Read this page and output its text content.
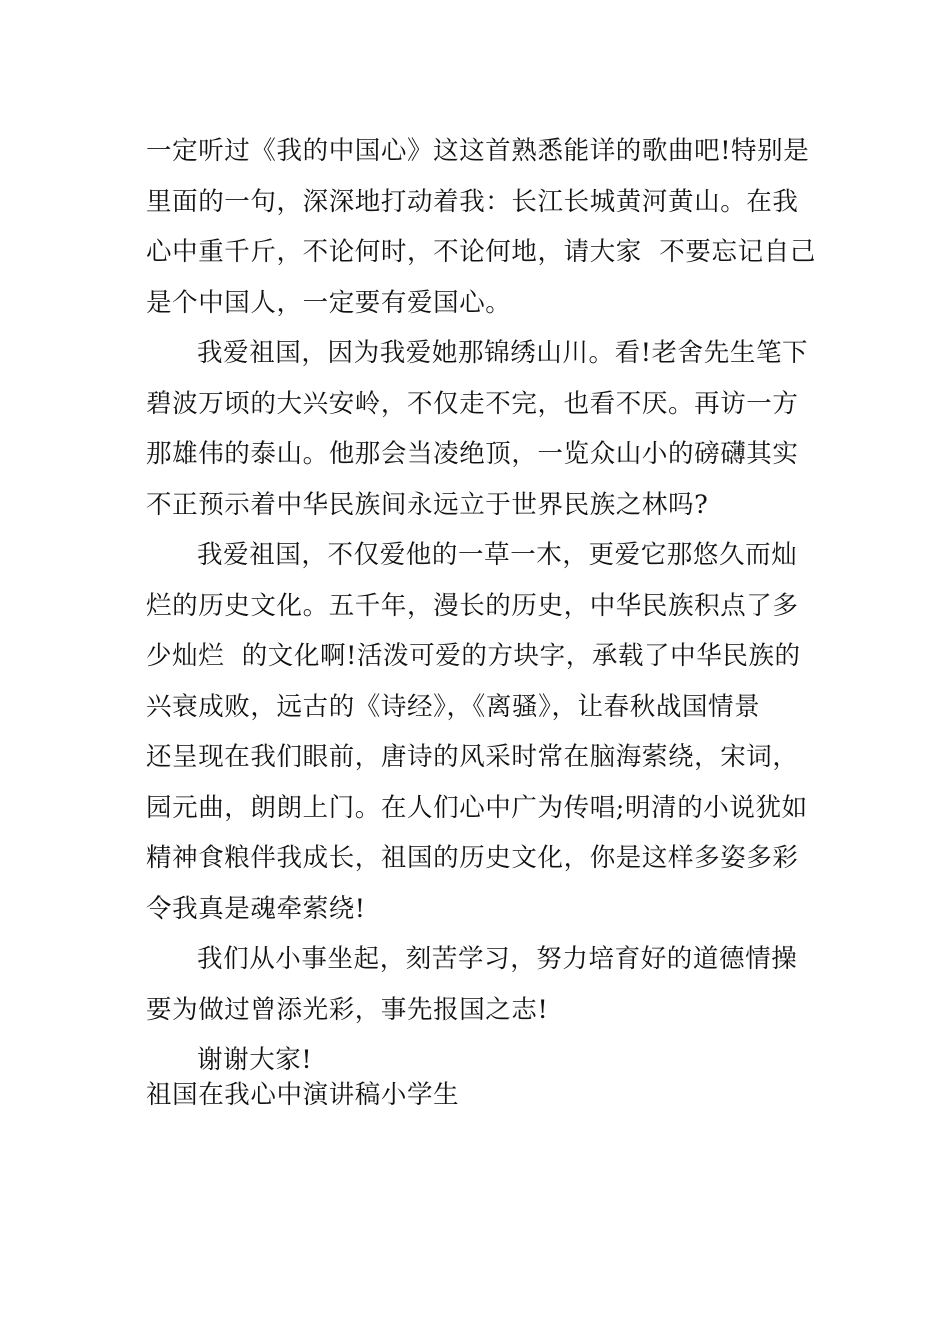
一定听过《我的中国心》这这首熟悉能详的歌曲吧!特别是
里面的一句，深深地打动着我：长江长城黄河黄山。在我
心中重千斤，不论何时，不论何地，请大家  不要忘记自己
是个中国人，一定要有爱国心。
我爱祖国，因为我爱她那锦绣山川。看!老舍先生笔下
碧波万顷的大兴安岭，不仅走不完，也看不厌。再访一方
那雄伟的泰山。他那会当凌绝顶，一览众山小的磅礴其实
不正预示着中华民族间永远立于世界民族之林吗?
我爱祖国，不仅爱他的一草一木，更爱它那悠久而灿
烂的历史文化。五千年，漫长的历史，中华民族积点了多
少灿烂  的文化啊!活泼可爱的方块字，承载了中华民族的
兴衰成败，远古的《诗经》，《离骚》，让春秋战国情景
还呈现在我们眼前，唐诗的风采时常在脑海萦绕，宋词，
园元曲，朗朗上门。在人们心中广为传唱;明清的小说犹如
精神食粮伴我成长，祖国的历史文化，你是这样多姿多彩
令我真是魂牵萦绕!
我们从小事坐起，刻苦学习，努力培育好的道德情操
要为做过曾添光彩，事先报国之志!
谢谢大家!
祖国在我心中演讲稿小学生
